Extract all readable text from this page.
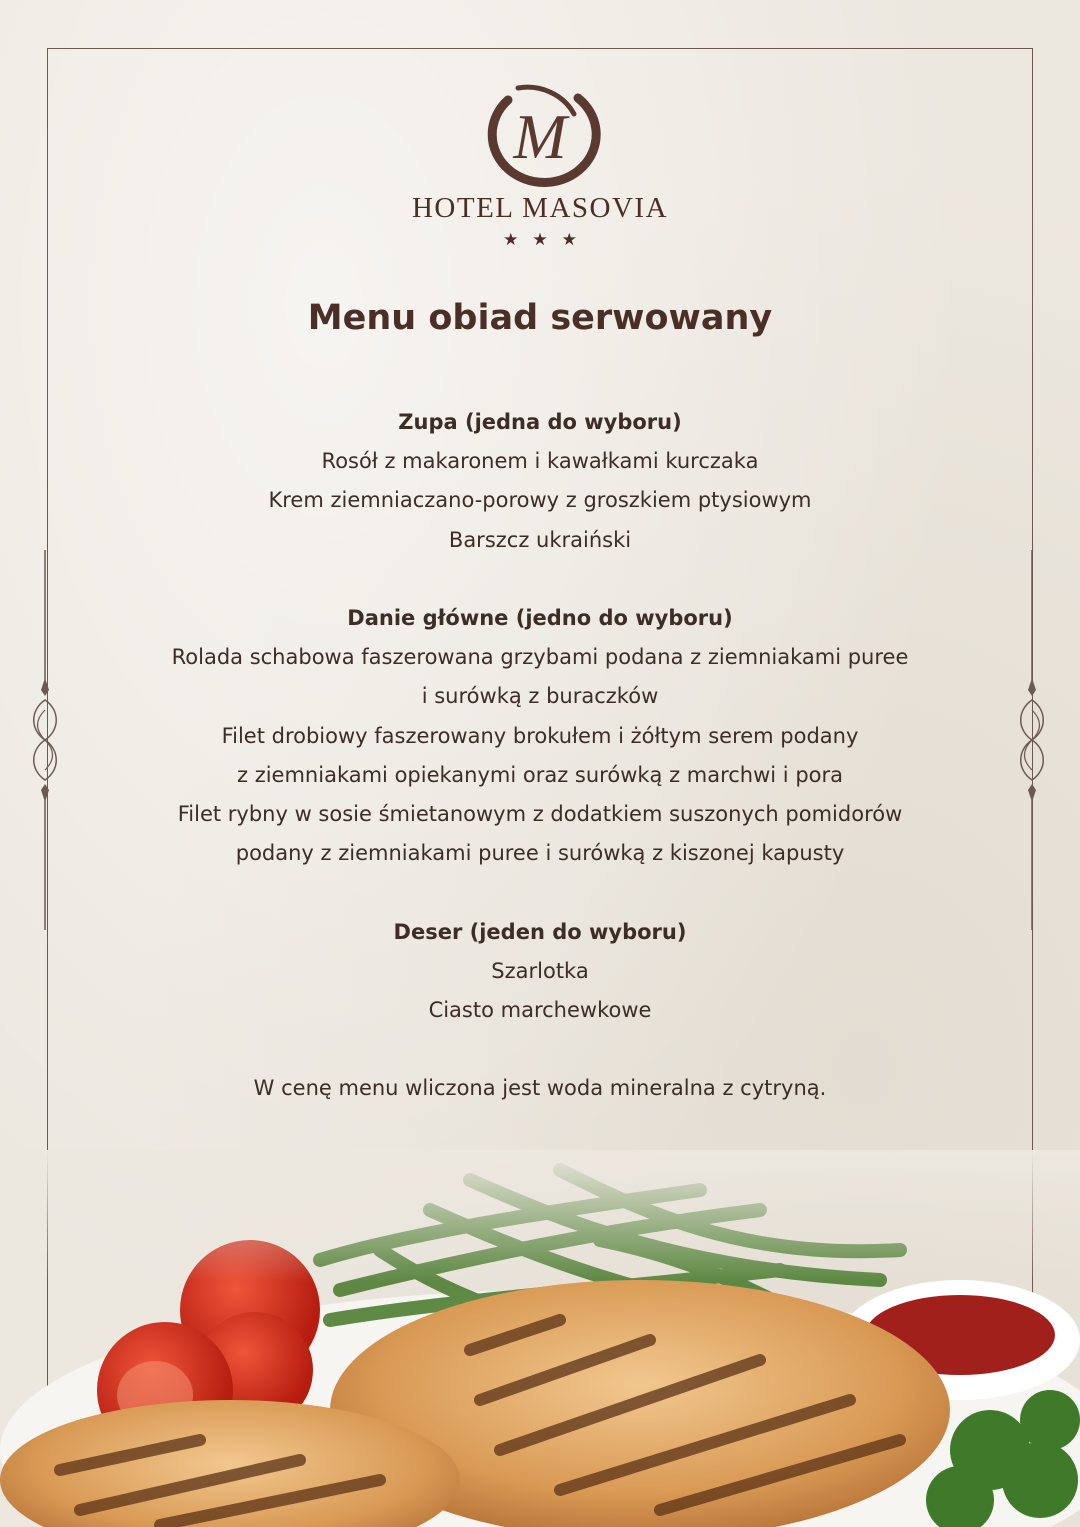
M
HOTEL MASOVIA
★★★
Menu obiad serwowany
Zupa (jedna do wyboru)
Rosół z makaronem i kawałkami kurczaka
Krem ziemniaczano-porowy z groszkiem ptysiowym
Barszcz ukraiński
Danie główne (jedno do wyboru)
Rolada schabowa faszerowana grzybami podana z ziemniakami puree
i surówką z buraczków
Filet drobiowy faszerowany brokułem i żółtym serem podany
z ziemniakami opiekanymi oraz surówką z marchwi i pora
Filet rybny w sosie śmietanowym z dodatkiem suszonych pomidorów
podany z ziemniakami puree i surówką z kiszonej kapusty
Deser (jeden do wyboru)
Szarlotka
Ciasto marchewkowe
W cenę menu wliczona jest woda mineralna z cytryną.
